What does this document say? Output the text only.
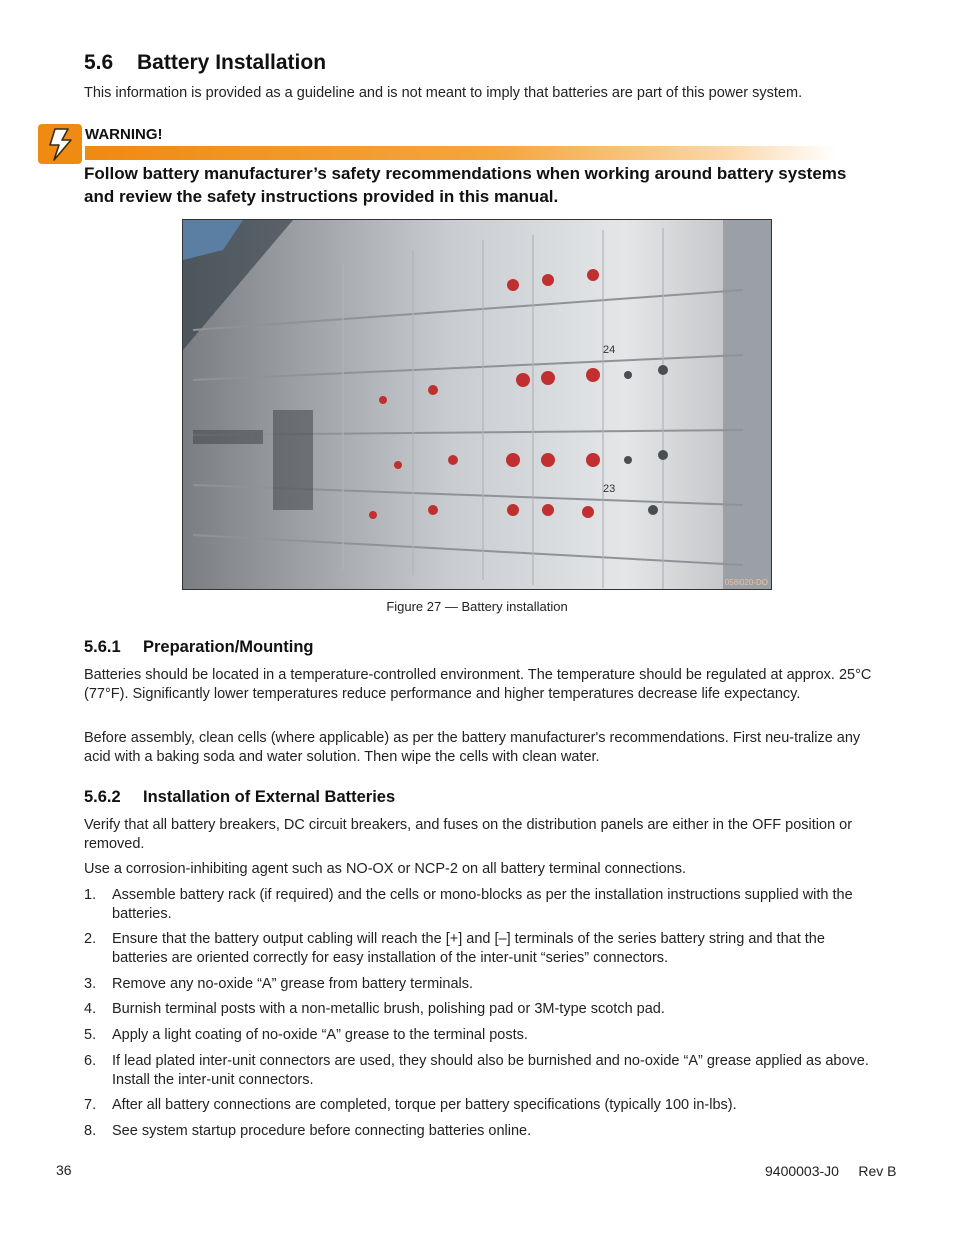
5.6 Battery Installation
This information is provided as a guideline and is not meant to imply that batteries are part of this power system.
WARNING!
Follow battery manufacturer’s safety recommendations when working around battery systems and review the safety instructions provided in this manual.
24
23
058i020-DO
Figure 27 — Battery installation
5.6.1 Preparation/Mounting

Batteries should be located in a temperature-controlled environment. The temperature should be regulated at approx. 25°C (77°F). Significantly lower temperatures reduce performance and higher temperatures decrease life expectancy.

Before assembly, clean cells (where applicable) as per the battery manufacturer's recommendations. First neu-tralize any acid with a baking soda and water solution. Then wipe the cells with clean water.

5.6.2 Installation of External Batteries

Verify that all battery breakers, DC circuit breakers, and fuses on the distribution panels are either in the OFF position or removed.

Use a corrosion-inhibiting agent such as NO-OX or NCP-2 on all battery terminal connections.

1. Assemble battery rack (if required) and the cells or mono-blocks as per the installation instructions supplied with the batteries.
2. Ensure that the battery output cabling will reach the [+] and [–] terminals of the series battery string and that the batteries are oriented correctly for easy installation of the inter-unit “series” connectors.
3. Remove any no-oxide “A” grease from battery terminals.
4. Burnish terminal posts with a non-metallic brush, polishing pad or 3M-type scotch pad.
5. Apply a light coating of no-oxide “A” grease to the terminal posts.
6. If lead plated inter-unit connectors are used, they should also be burnished and no-oxide “A” grease applied as above. Install the inter-unit connectors.
7. After all battery connections are completed, torque per battery specifications (typically 100 in-lbs).
8. See system startup procedure before connecting batteries online.
36	9400003-J0     Rev B
